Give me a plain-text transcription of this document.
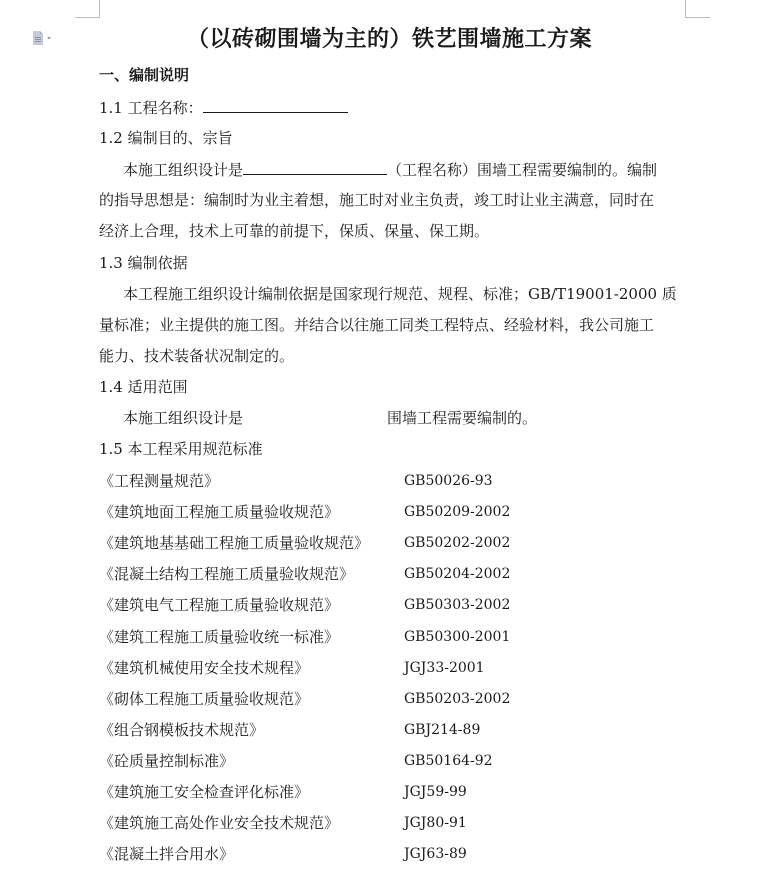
（以砖砌围墙为主的）铁艺围墙施工方案
一、编制说明
1.1 工程名称：
1.2 编制目的、宗旨
本施工组织设计是	（工程名称）围墙工程需要编制的。编制
的指导思想是：编制时为业主着想，施工时对业主负责，竣工时让业主满意，同时在
经济上合理，技术上可靠的前提下，保质、保量、保工期。
1.3 编制依据
本工程施工组织设计编制依据是国家现行规范、规程、标准；GB/T19001-2000 质
量标准；业主提供的施工图。并结合以往施工同类工程特点、经验材料，我公司施工
能力、技术装备状况制定的。
1.4 适用范围
本施工组织设计是	围墙工程需要编制的。
1.5 本工程采用规范标准
《工程测量规范》	GB50026-93
《建筑地面工程施工质量验收规范》	GB50209-2002
《建筑地基基础工程施工质量验收规范》 GB50202-2002
《混凝土结构工程施工质量验收规范》	GB50204-2002
《建筑电气工程施工质量验收规范》	GB50303-2002
《建筑工程施工质量验收统一标准》	GB50300-2001
《建筑机械使用安全技术规程》	JGJ33-2001
《砌体工程施工质量验收规范》	GB50203-2002
《组合钢模板技术规范》	GBJ214-89
《砼质量控制标准》	GB50164-92
《建筑施工安全检查评化标准》	JGJ59-99
《建筑施工高处作业安全技术规范》	JGJ80-91
《混凝土拌合用水》	JGJ63-89
